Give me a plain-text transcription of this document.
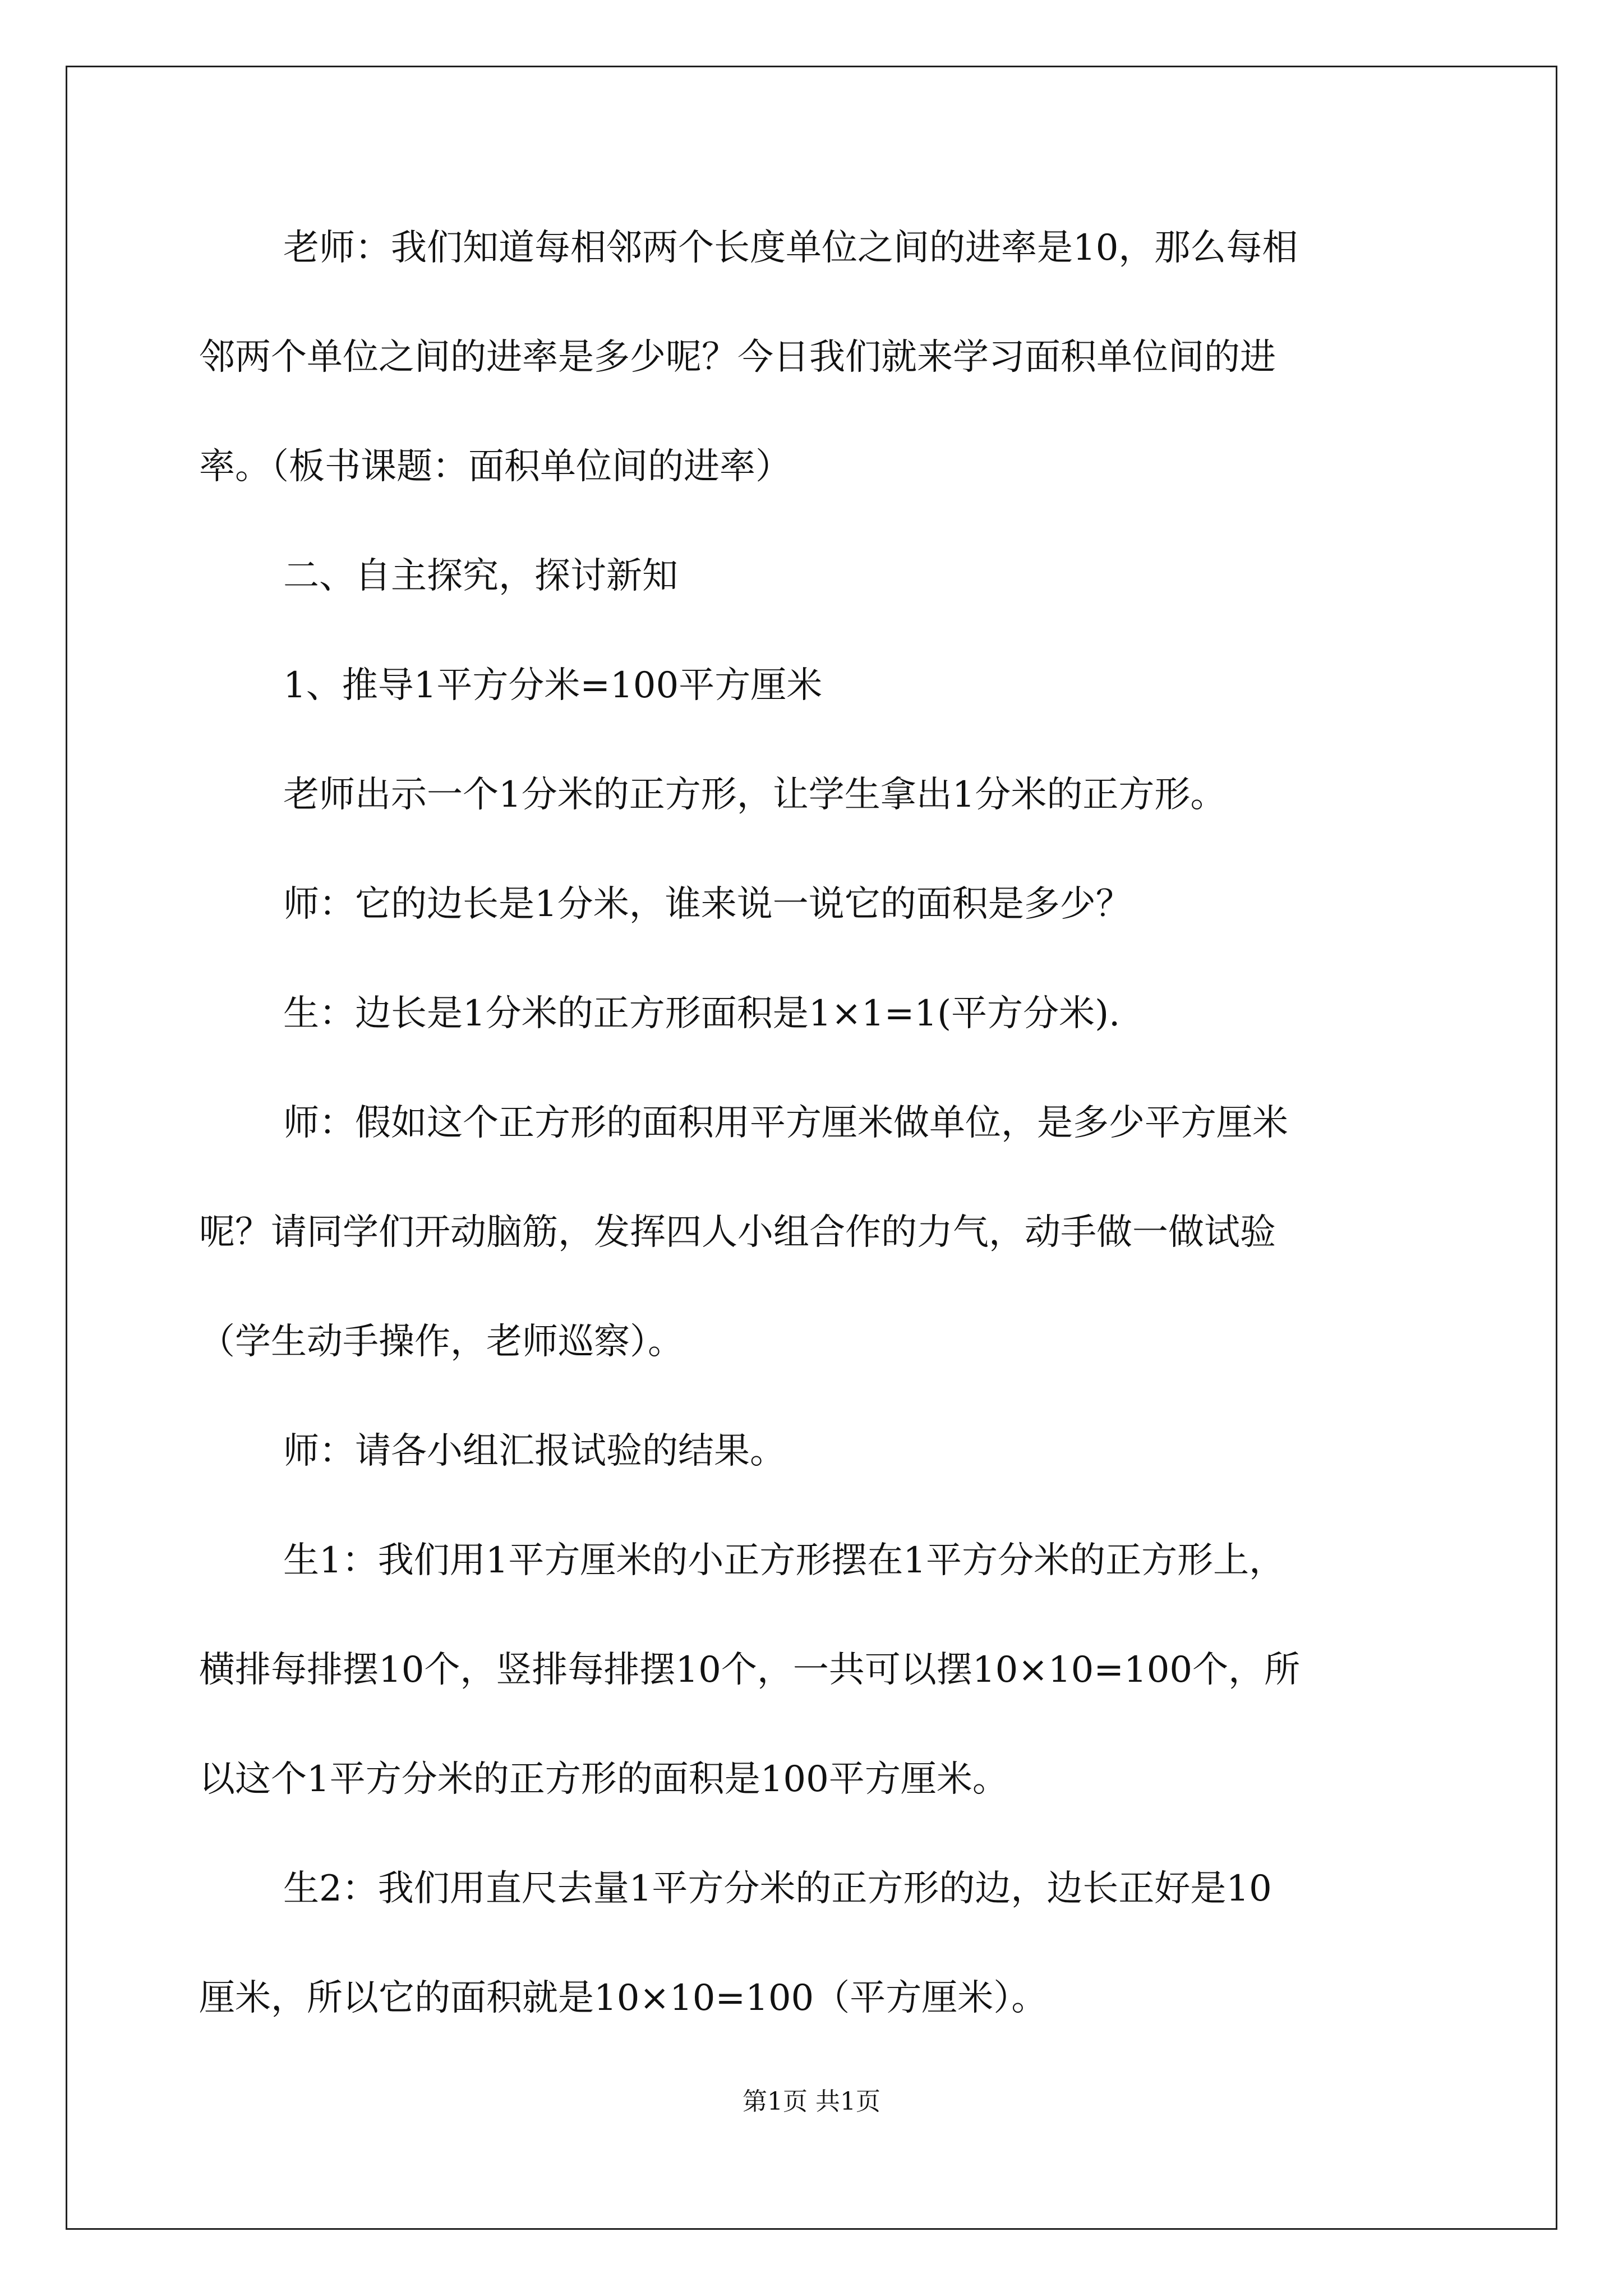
老师：我们知道每相邻两个长度单位之间的进率是10，那么每相
邻两个单位之间的进率是多少呢？今日我们就来学习面积单位间的进
率。（板书课题：面积单位间的进率）
二、自主探究，探讨新知
1、推导1平方分米=100平方厘米
老师出示一个1分米的正方形，让学生拿出1分米的正方形。
师：它的边长是1分米，谁来说一说它的面积是多少？
生：边长是1分米的正方形面积是1×1=1(平方分米).
师：假如这个正方形的面积用平方厘米做单位，是多少平方厘米
呢？请同学们开动脑筋，发挥四人小组合作的力气，动手做一做试验
（学生动手操作，老师巡察）。
师：请各小组汇报试验的结果。
生1：我们用1平方厘米的小正方形摆在1平方分米的正方形上，
横排每排摆10个，竖排每排摆10个，一共可以摆10×10=100个，所
以这个1平方分米的正方形的面积是100平方厘米。
生2：我们用直尺去量1平方分米的正方形的边，边长正好是10
厘米，所以它的面积就是10×10=100（平方厘米）。
第1页 共1页
